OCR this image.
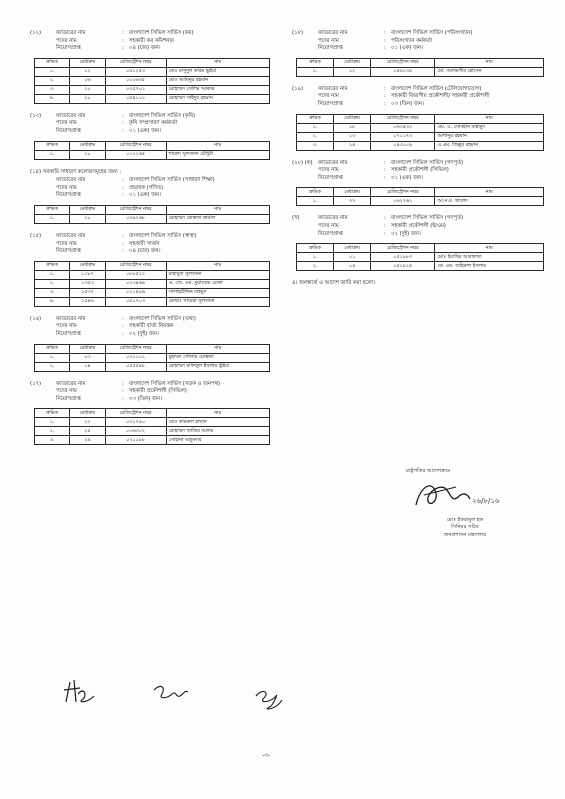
(১২)	ক্যাডারের নাম	: বাংলাদেশ সিভিল সার্ভিস (কর)
পদের নাম	: সহকারী কর কমিশনার
নিয়োগপ্রাপ্ত	: ০৪ (চার) জন।
ক্রমিক	মেধাক্রম	রেজিস্ট্রেশন নম্বর	নাম
১.	০২	০৫১২৫৩	মোঃ মাসুদুল করিম ভুইয়া
২.	০৬	০০০৬৩৫	মোঃ আমিনুর রহমান
৩.	১০	০৩৫৭০১	মোহাম্মদ সেলিম সরকার
৪.	২০	০৫৪১০১	মোহাম্মদ সাইদুর রহমান
(১৩)	ক্যাডারের নাম	: বাংলাদেশ সিভিল সার্ভিস (কৃষি)
পদের নাম	: কৃষি সম্প্রসারণ কর্মকর্তা
নিয়োগপ্রাপ্ত	: ০১ (এক) জন।
ক্রমিক	মেধাক্রম	রেজিস্ট্রেশন নম্বর	নাম
১.	১০	০১২২৬৫	শায়লা সুলতানা চৌধুরী
(১৪) সরকারি সাধারণ কলেজসমূহের জন্য :
ক্যাডারের নাম	: বাংলাদেশ সিভিল সার্ভিস (সাধারণ শিক্ষা)
পদের নাম	: প্রভাষক (গণিত)
নিয়োগপ্রাপ্ত	: ০১ (এক) জন।
ক্রমিক	মেধাক্রম	রেজিস্ট্রেশন নম্বর	নাম
১.	১০	০৩৯২৬৮	মোহাম্মদ মোস্তফা কামাল
(১৫)	ক্যাডারের নাম	: বাংলাদেশ সিভিল সার্ভিস (স্বাস্থ্য)
পদের নাম	: সহকারী সার্জন
নিয়োগপ্রাপ্ত	: ০৪ (চার) জন।
ক্রমিক	মেধাক্রম	রেজিস্ট্রেশন নম্বর	নাম
১.	১১৮৭	০৮৮৫২২	মাহাবুবা সুলতানা
২.	১৩৫৩	০২৩৪৬৯	এ. জে. এম. মুয়াম্মেক রেজা
৩.	১৫৩৭	০২১৪৯৬	সালাহউদ্দিন মাহমুদ
৪.	১৫৪৬	০৫০৭০৩	মোছাঃ সাবেরা সুলতানা
(১৬)	ক্যাডারের নাম	: বাংলাদেশ সিভিল সার্ভিস (তথ্য)
পদের নাম	: সহকারী বার্তা নিয়ন্ত্রক
নিয়োগপ্রাপ্ত	: ০২ (দুই) জন।
ক্রমিক	মেধাক্রম	রেজিস্ট্রেশন নম্বর	নাম
১.	০৩	০৩১১০২	মুহাম্মদ গোলাম মোস্তফা
২.	০৪	০৫৫৫৪৮	মোহাম্মদ মফিজুল ইসলাম ভুঁইয়া
(১৭)	ক্যাডারের নাম	: বাংলাদেশ সিভিল সার্ভিস (সড়ক ও জনপথ)
পদের নাম	: সহকারী প্রকৌশলী (সিভিল)
নিয়োগপ্রাপ্ত	: ০৩ (তিন) জন।
ক্রমিক	মেধাক্রম	রেজিস্ট্রেশন নম্বর	নাম
১.	২২	০৩১৭৪০	মোঃ কামরুল হাছান
২.	২৫	০০৬৩০২	মোহাম্মদ জাকির আলম
৩.	২৯	০৭১১৮৮	সোহানা মজুমদার
(১৮)	ক্যাডারের নাম	: বাংলাদেশ সিভিল সার্ভিস (পরিসংখ্যান)
পদের নাম	: পরিসংখ্যান কর্মকর্তা
নিয়োগপ্রাপ্ত	: ০১ (এক) জন।
ক্রমিক	মেধাক্রম	রেজিস্ট্রেশন নম্বর	নাম
১.	০২	০৫৬১৩৫	মো. আলমগীর হোসেন
(১৯)	ক্যাডারের নাম	: বাংলাদেশ সিভিল সার্ভিস (টেলিযোগাযোগ)
পদের নাম	: সহকারী বিভাগীয় প্রকৌশলী/ সহকারী প্রকৌশলী
নিয়োগপ্রাপ্ত	: ০৩ (তিন) জন।
ক্রমিক	মেধাক্রম	রেজিস্ট্রেশন নম্বর	নাম
১.	০৮	০৬৩৫৩২	এম. এ. সোবহান মাহামুদ
২.	১৩	০৭১১৭৩	আশানুর রহমান
৩.	১৪	০৪৩০০৯	এ.এম. জিল্লুর রহমান
(২০) (ক)	ক্যাডারের নাম	: বাংলাদেশ সিভিল সার্ভিস (গণপূর্ত)
পদের নাম	: সহকারী প্রকৌশলী (সিভিল)
নিয়োগপ্রাপ্ত	: ০১ (এক) জন।
ক্রমিক	মেধাক্রম	রেজিস্ট্রেশন নম্বর	নাম
১.	৩৭	০৬২৭৬২	আ.ন.ম. খালেদ
(খ)	ক্যাডারের নাম	: বাংলাদেশ সিভিল সার্ভিস (গণপূর্ত)
পদের নাম	: সহকারী প্রকৌশলী (ই/এম)
নিয়োগপ্রাপ্ত	: ০২ (দুই) জন।
ক্রমিক	মেধাক্রম	রেজিস্ট্রেশন নম্বর	নাম
১.	০১	০৫১৮৮৩	মোঃ ইয়াছির আরাফাত
২.	০৪	০৫১৮২৫	কে. এম. জহিরুল ইসলাম
৪। জনস্বার্থে এ আদেশ জারি করা হলো।
রাষ্ট্রপতির আদেশক্রমে
২৬/৮/১৬
মোঃ ইকরামুল হক
সিনিয়র সচিব
জনপ্রশাসন মন্ত্রণালয়
-৩-
